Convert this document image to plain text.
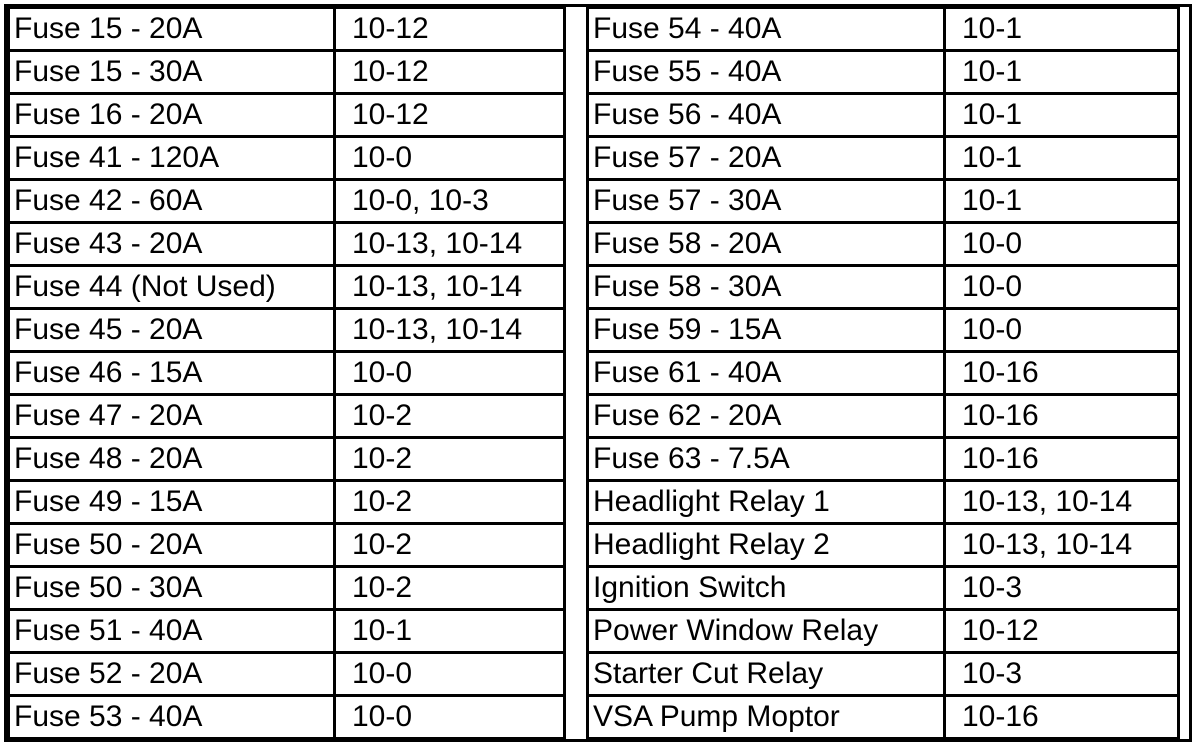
Fuse 15 - 20A	10-12
Fuse 15 - 30A	10-12
Fuse 16 - 20A	10-12
Fuse 41 - 120A	10-0
Fuse 42 - 60A	10-0, 10-3
Fuse 43 - 20A	10-13, 10-14
Fuse 44 (Not Used)	10-13, 10-14
Fuse 45 - 20A	10-13, 10-14
Fuse 46 - 15A	10-0
Fuse 47 - 20A	10-2
Fuse 48 - 20A	10-2
Fuse 49 - 15A	10-2
Fuse 50 - 20A	10-2
Fuse 50 - 30A	10-2
Fuse 51 - 40A	10-1
Fuse 52 - 20A	10-0
Fuse 53 - 40A	10-0
Fuse 54 - 40A	10-1
Fuse 55 - 40A	10-1
Fuse 56 - 40A	10-1
Fuse 57 - 20A	10-1
Fuse 57 - 30A	10-1
Fuse 58 - 20A	10-0
Fuse 58 - 30A	10-0
Fuse 59 - 15A	10-0
Fuse 61 - 40A	10-16
Fuse 62 - 20A	10-16
Fuse 63 - 7.5A	10-16
Headlight Relay 1	10-13, 10-14
Headlight Relay 2	10-13, 10-14
Ignition Switch	10-3
Power Window Relay	10-12
Starter Cut Relay	10-3
VSA Pump Moptor	10-16
